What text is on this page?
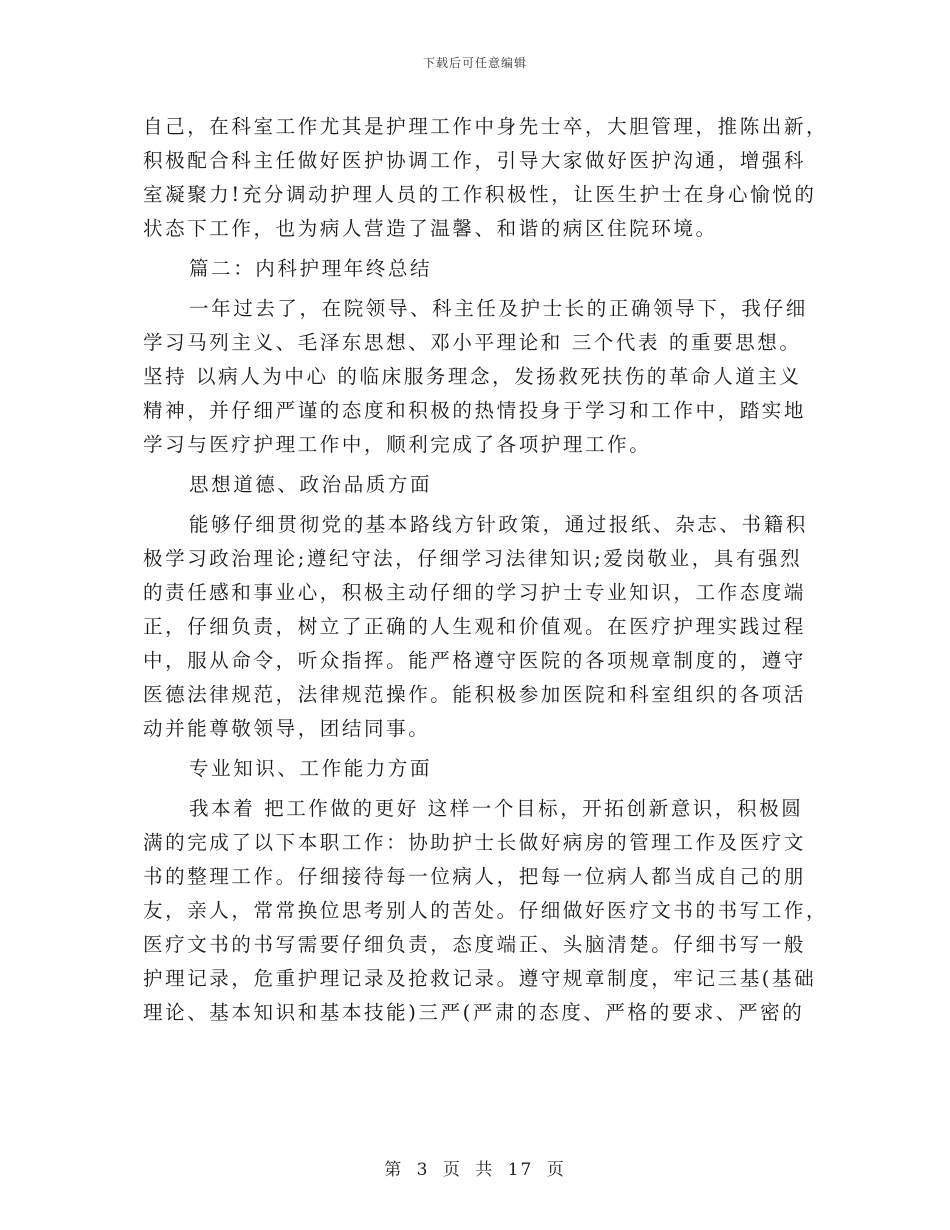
下载后可任意编辑
自己，在科室工作尤其是护理工作中身先士卒，大胆管理，推陈出新，
积极配合科主任做好医护协调工作，引导大家做好医护沟通，增强科
室凝聚力!充分调动护理人员的工作积极性，让医生护士在身心愉悦的
状态下工作，也为病人营造了温馨、和谐的病区住院环境。
篇二：内科护理年终总结
一年过去了，在院领导、科主任及护士长的正确领导下，我仔细
学习马列主义、毛泽东思想、邓小平理论和 三个代表 的重要思想。
坚持 以病人为中心 的临床服务理念，发扬救死扶伤的革命人道主义
精神，并仔细严谨的态度和积极的热情投身于学习和工作中，踏实地
学习与医疗护理工作中，顺利完成了各项护理工作。
思想道德、政治品质方面
能够仔细贯彻党的基本路线方针政策，通过报纸、杂志、书籍积
极学习政治理论;遵纪守法，仔细学习法律知识;爱岗敬业，具有强烈
的责任感和事业心，积极主动仔细的学习护士专业知识，工作态度端
正，仔细负责，树立了正确的人生观和价值观。在医疗护理实践过程
中，服从命令，听众指挥。能严格遵守医院的各项规章制度的，遵守
医德法律规范，法律规范操作。能积极参加医院和科室组织的各项活
动并能尊敬领导，团结同事。
专业知识、工作能力方面
我本着 把工作做的更好 这样一个目标，开拓创新意识，积极圆
满的完成了以下本职工作：协助护士长做好病房的管理工作及医疗文
书的整理工作。仔细接待每一位病人，把每一位病人都当成自己的朋
友，亲人，常常换位思考别人的苦处。仔细做好医疗文书的书写工作，
医疗文书的书写需要仔细负责，态度端正、头脑清楚。仔细书写一般
护理记录，危重护理记录及抢救记录。遵守规章制度，牢记三基(基础
理论、基本知识和基本技能)三严(严肃的态度、严格的要求、严密的
第 3 页 共 17 页
